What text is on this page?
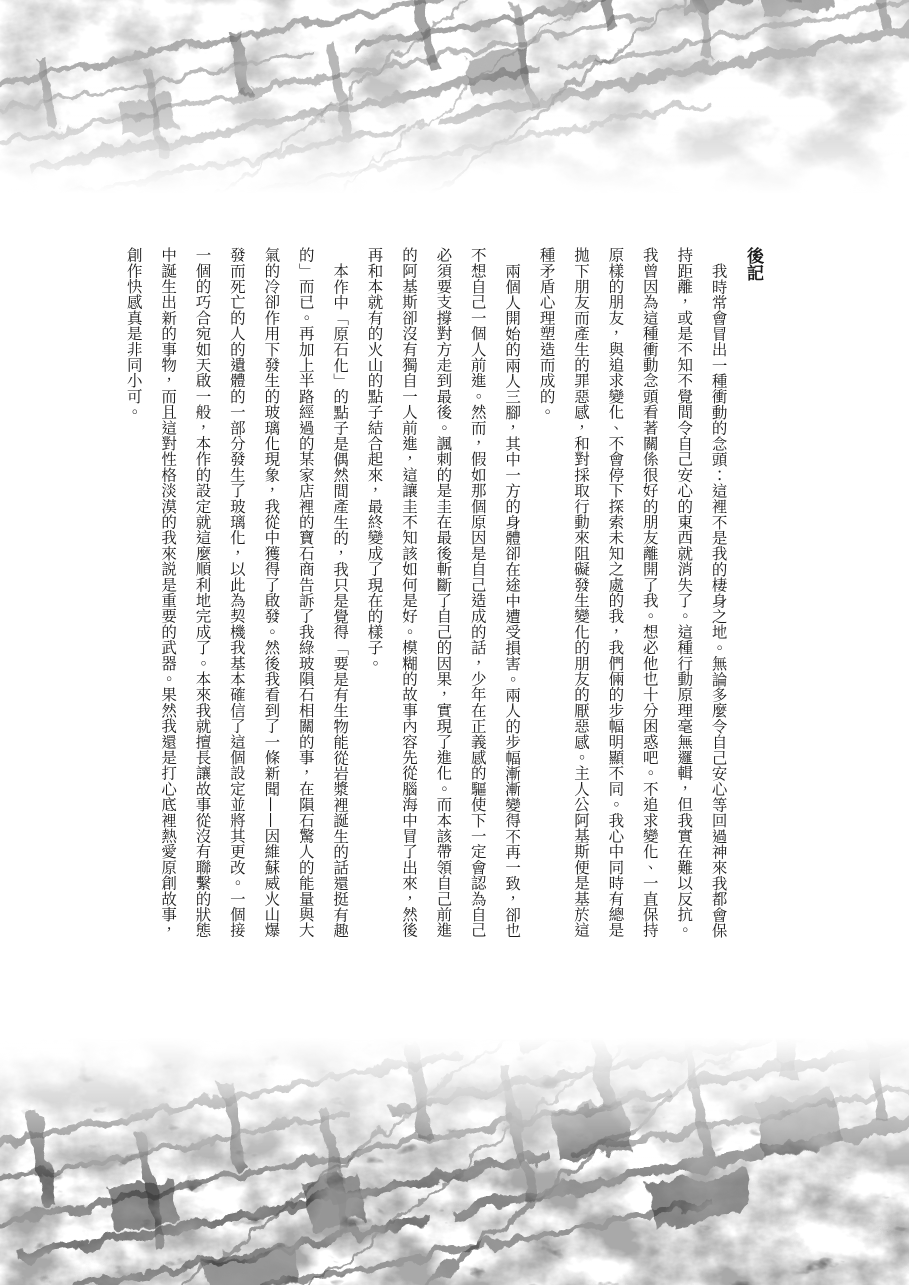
後記

我時常會冒出一種衝動的念頭：這裡不是我的棲身之地。無論多麼令自己安心等回過神來我都會保持距離，或是不知不覺間令自己安心的東西就消失了。這種行動原理毫無邏輯，但我實在難以反抗。我曾因為這種衝動念頭看著關係很好的朋友離開了我。想必他也十分困惑吧。不追求變化、一直保持原樣的朋友，與追求變化、不會停下探索未知之處的我，我們倆的步幅明顯不同。我心中同時有總是拋下朋友而產生的罪惡感，和對採取行動來阻礙發生變化的朋友的厭惡感。主人公阿基斯便是基於這種矛盾心理塑造而成的。

兩個人開始的兩人三腳，其中一方的身體卻在途中遭受損害。兩人的步幅漸漸變得不再一致，卻也不想自己一個人前進。然而，假如那個原因是自己造成的話，少年在正義感的驅使下一定會認為自己必須要支撐對方走到最後。諷刺的是圭在最後斬斷了自己的因果，實現了進化。而本該帶領自己前進的阿基斯卻沒有獨自一人前進，這讓圭不知該如何是好。模糊的故事內容先從腦海中冒了出來，然後再和本就有的火山的點子結合起來，最終變成了現在的樣子。

本作中「原石化」的點子是偶然間產生的，我只是覺得「要是有生物能從岩漿裡誕生的話還挺有趣的」而已。再加上半路經過的某家店裡的寶石商告訴了我綠玻隕石相關的事，在隕石驚人的能量與大氣的冷卻作用下發生的玻璃化現象，我從中獲得了啟發。然後我看到了一條新聞——因維蘇威火山爆發而死亡的人的遺體的一部分發生了玻璃化，以此為契機我基本確信了這個設定並將其更改。一個接一個的巧合宛如天啟一般，本作的設定就這麼順利地完成了。本來我就擅長讓故事從沒有聯繫的狀態中誕生出新的事物，而且這對性格淡漠的我來説是重要的武器。果然我還是打心底裡熱愛原創故事，創作快感真是非同小可。
